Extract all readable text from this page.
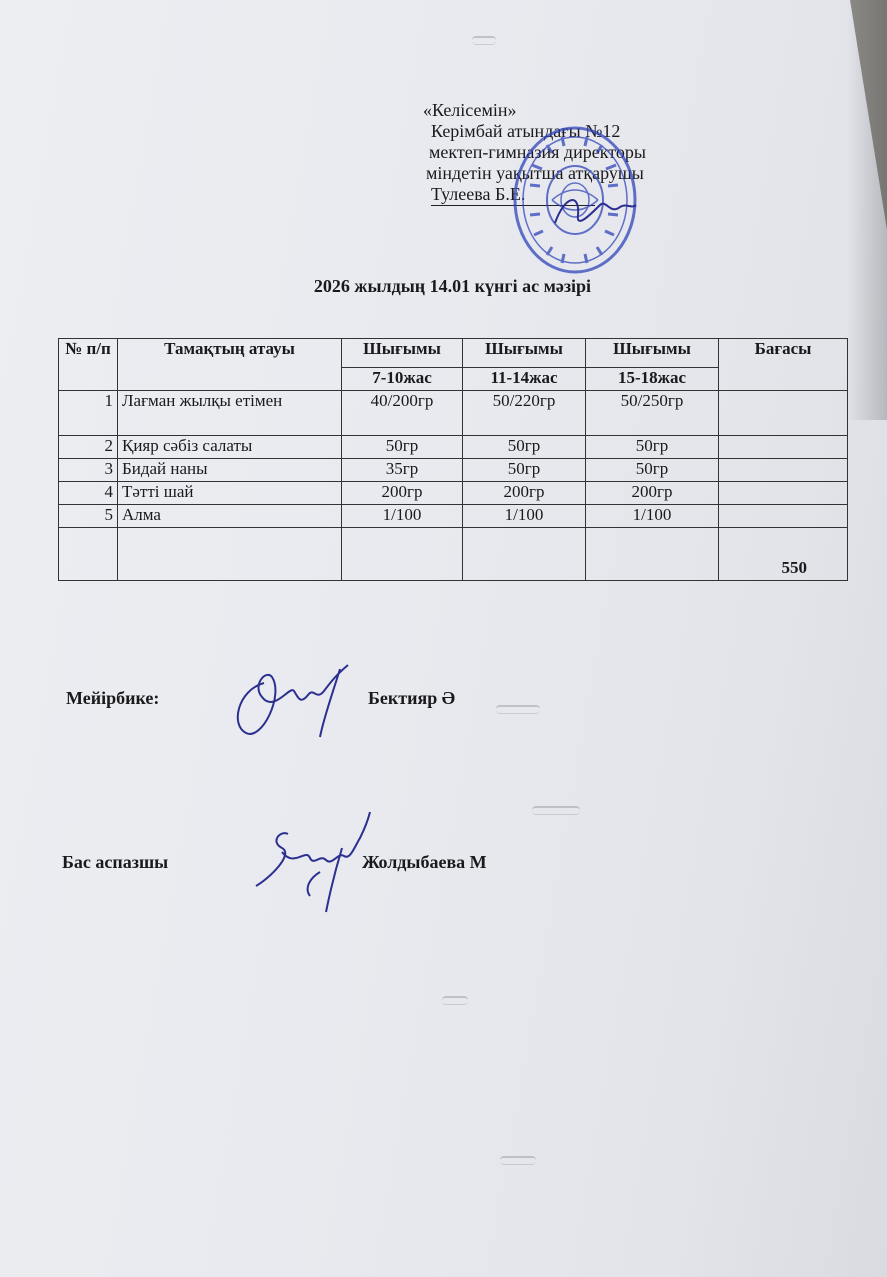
«Келісемін»
Керімбай атындағы №12
мектеп-гимназия директоры
міндетін уақытша атқарушы
Тулеева Б.Е.
2026 жылдың 14.01 күнгі ас мәзірі
№ п/п	Тамақтың атауы	Шығымы	Шығымы	Шығымы	Бағасы
		7-10жас	11-14жас	15-18жас	
1	Лағман жылқы етімен	40/200гр	50/220гр	50/250гр	
2	Қияр сәбіз салаты	50гр	50гр	50гр	
3	Бидай наны	35гр	50гр	50гр	
4	Тәтті шай	200гр	200гр	200гр	
5	Алма	1/100	1/100	1/100	
					550
Мейірбике:	Бектияр Ә
Бас аспазшы	Жолдыбаева М
